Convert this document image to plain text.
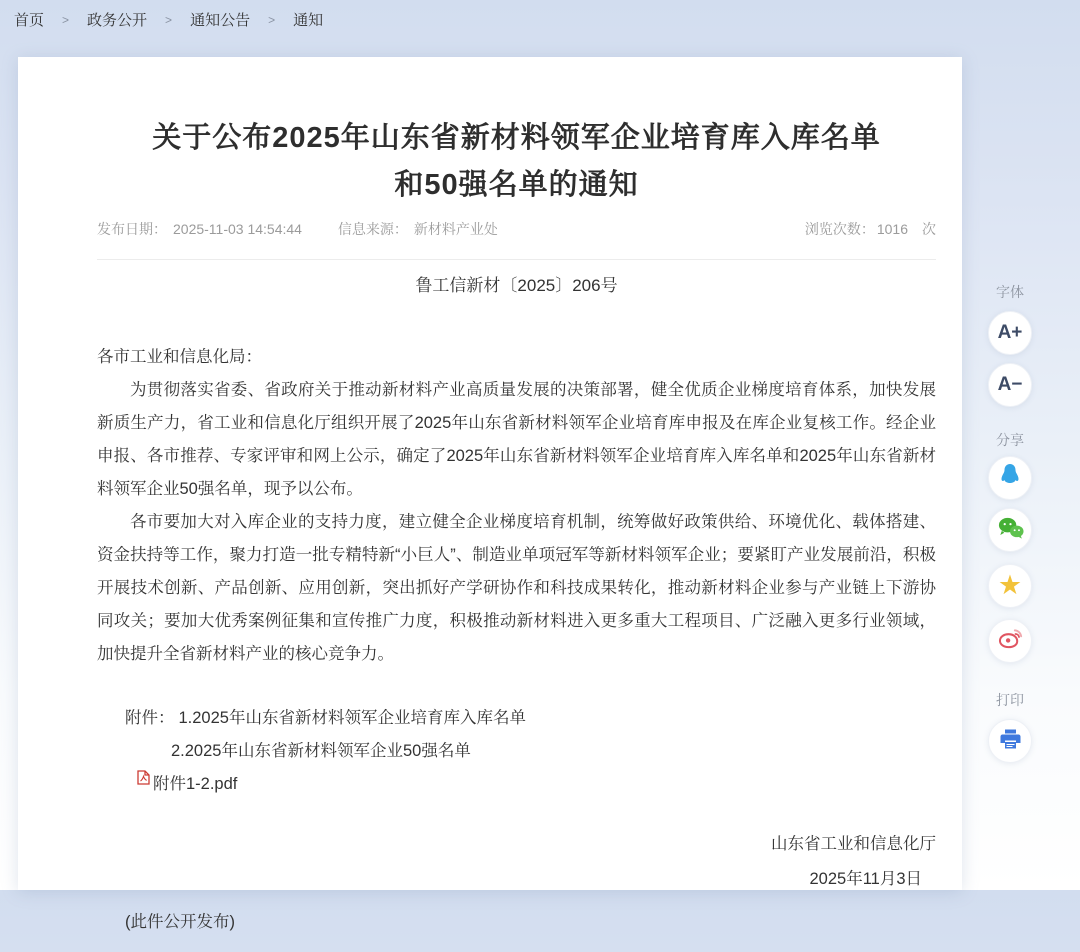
首页 > 政务公开 > 通知公告 > 通知
关于公布2025年山东省新材料领军企业培育库入库名单
和50强名单的通知
发布日期： 2025-11-03 14:54:44	信息来源： 新材料产业处	浏览次数： 1016 次
鲁工信新材〔2025〕206号

各市工业和信息化局：

为贯彻落实省委、省政府关于推动新材料产业高质量发展的决策部署，健全优质企业梯度培育体系，加快发展新质生产力，省工业和信息化厅组织开展了2025年山东省新材料领军企业培育库申报及在库企业复核工作。经企业申报、各市推荐、专家评审和网上公示，确定了2025年山东省新材料领军企业培育库入库名单和2025年山东省新材料领军企业50强名单，现予以公布。

各市要加大对入库企业的支持力度，建立健全企业梯度培育机制，统筹做好政策供给、环境优化、载体搭建、资金扶持等工作，聚力打造一批专精特新“小巨人”、制造业单项冠军等新材料领军企业；要紧盯产业发展前沿，积极开展技术创新、产品创新、应用创新，突出抓好产学研协作和科技成果转化，推动新材料企业参与产业链上下游协同攻关；要加大优秀案例征集和宣传推广力度，积极推动新材料进入更多重大工程项目、广泛融入更多行业领域，加快提升全省新材料产业的核心竞争力。

附件： 1.2025年山东省新材料领军企业培育库入库名单
2.2025年山东省新材料领军企业50强名单
附件1-2.pdf
山东省工业和信息化厅
2025年11月3日
(此件公开发布)
字体
A+
A−
分享
★
打印
